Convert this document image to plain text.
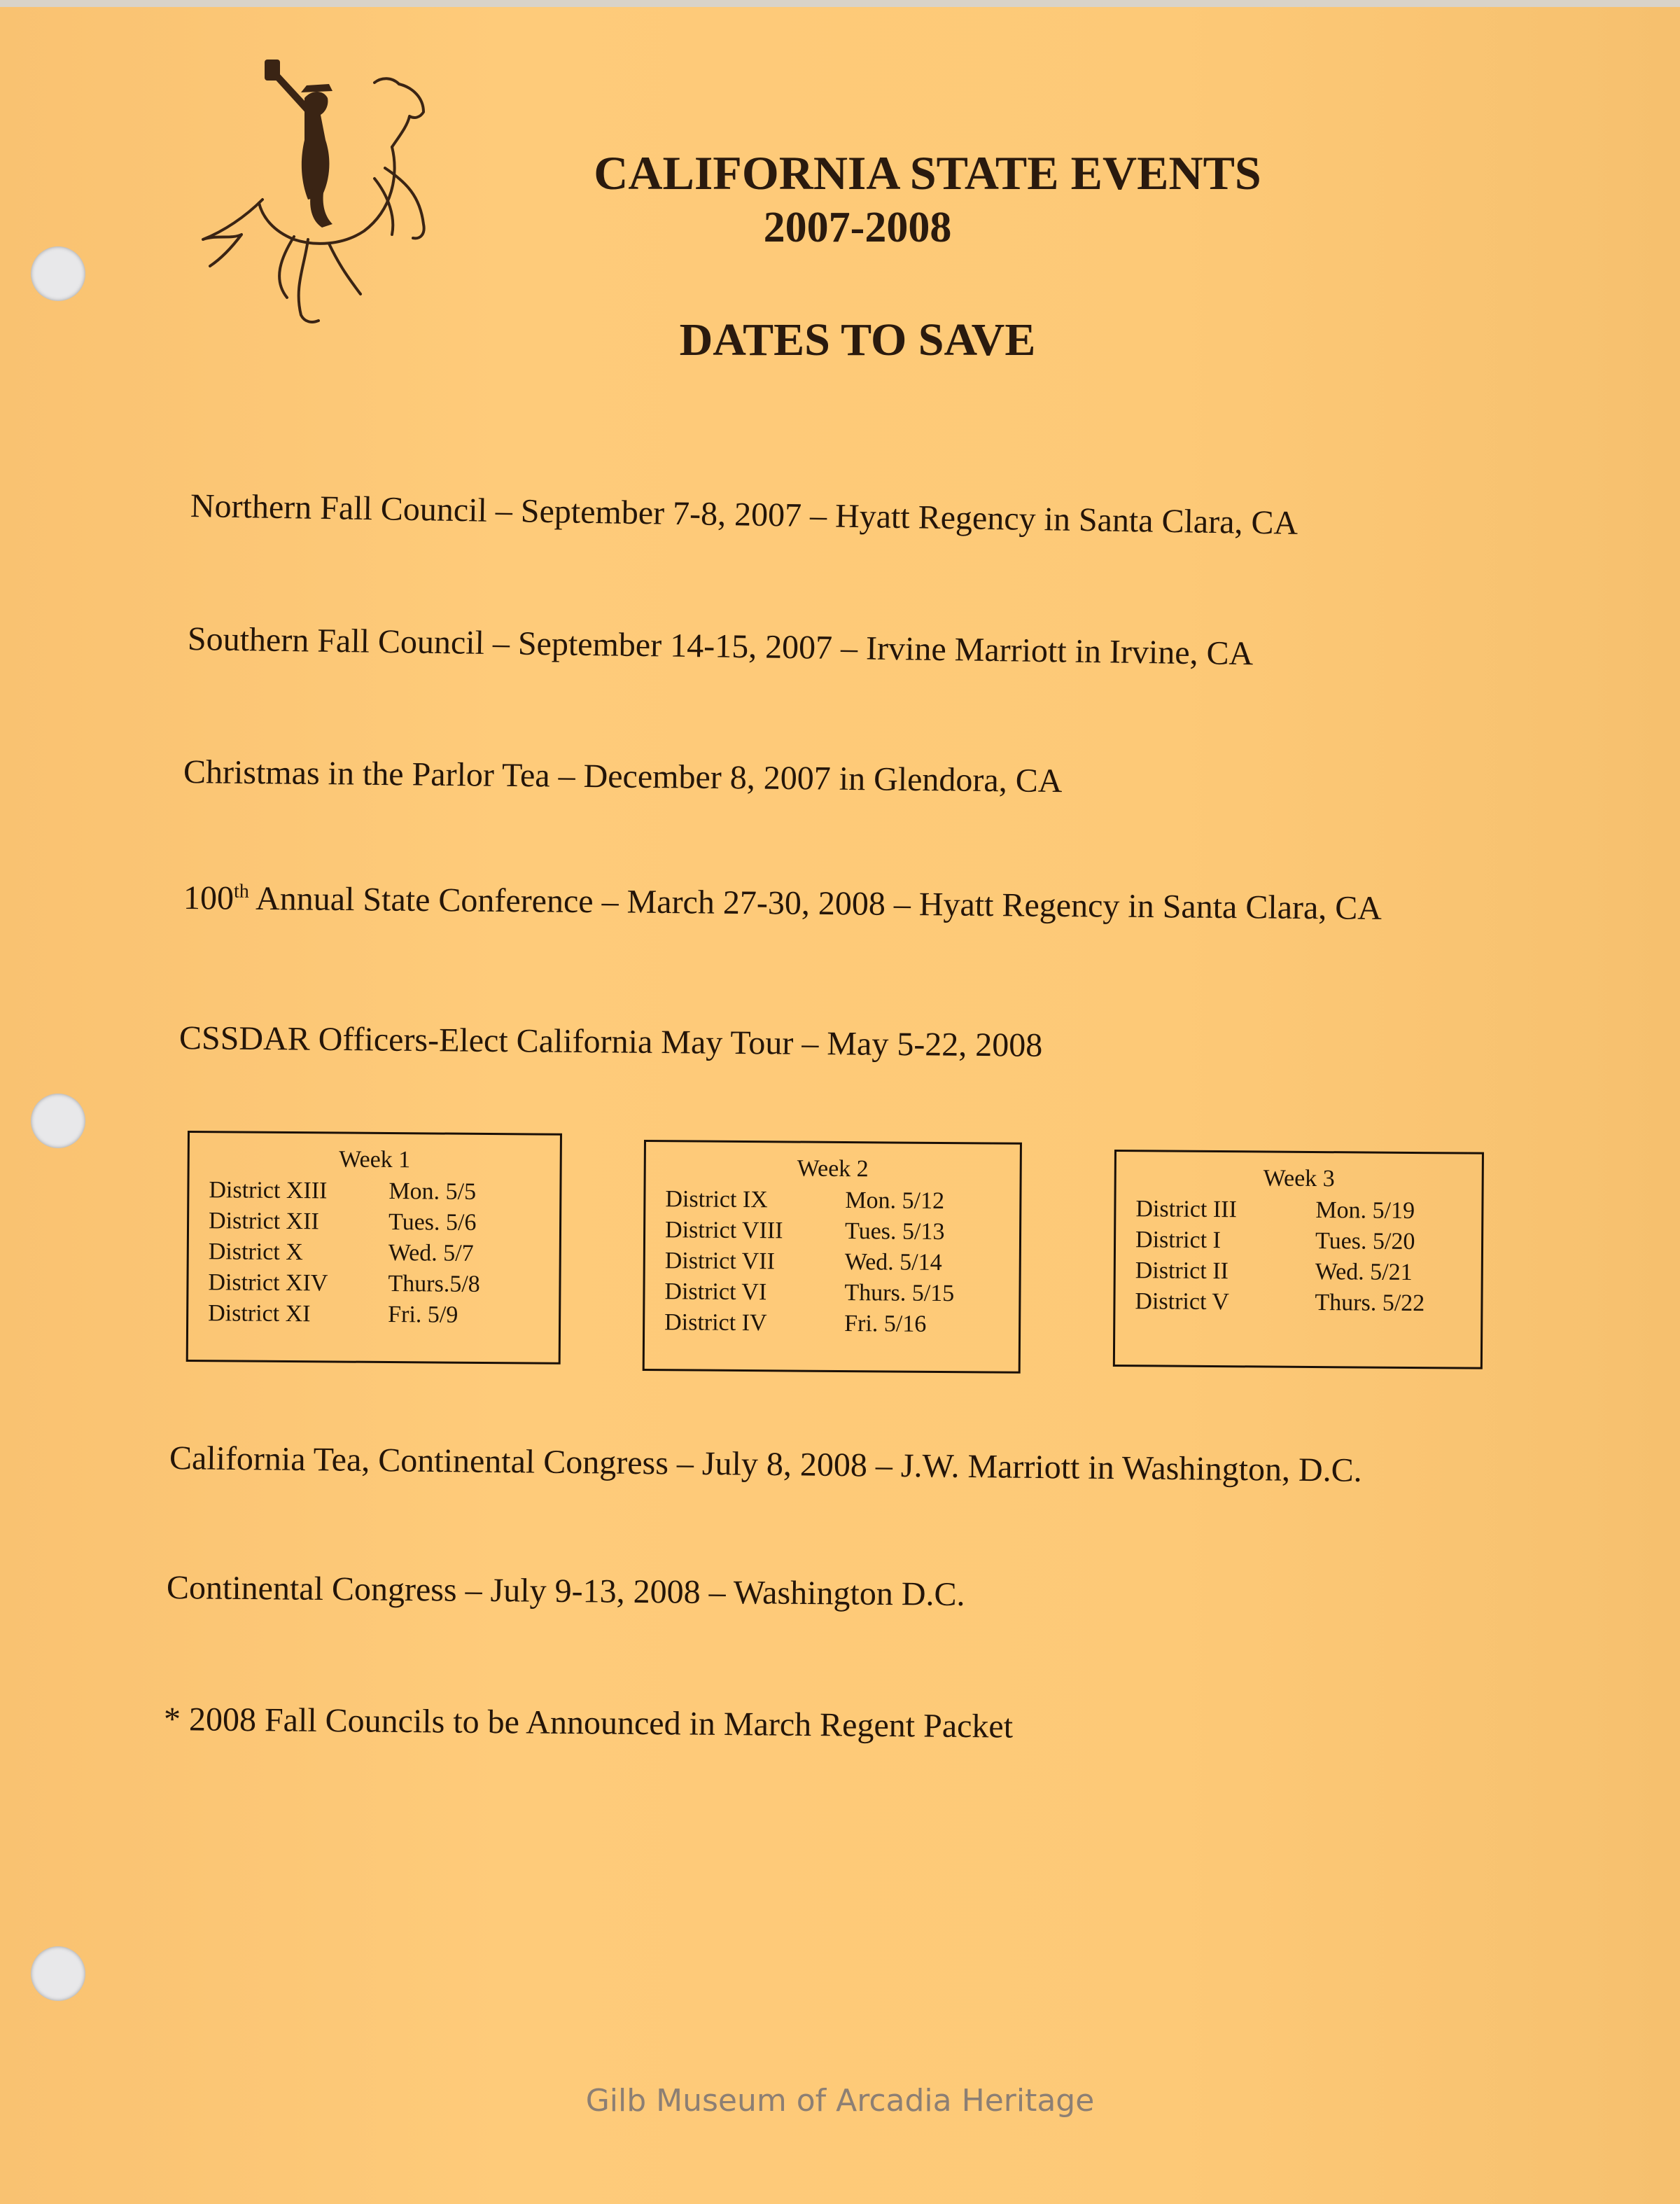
CALIFORNIA STATE EVENTS
2007-2008
DATES TO SAVE
Northern Fall Council – September 7-8, 2007 – Hyatt Regency in Santa Clara, CA
Southern Fall Council – September 14-15, 2007 – Irvine Marriott in Irvine, CA
Christmas in the Parlor Tea – December 8, 2007 in Glendora, CA
100th Annual State Conference – March 27-30, 2008 – Hyatt Regency in Santa Clara, CA
CSSDAR Officers-Elect California May Tour – May 5-22, 2008
Week 1
District XIII	Mon. 5/5
District XII	Tues. 5/6
District X	Wed. 5/7
District XIV	Thurs.5/8
District XI	Fri. 5/9
Week 2
District IX	Mon. 5/12
District VIII	Tues. 5/13
District VII	Wed. 5/14
District VI	Thurs. 5/15
District IV	Fri. 5/16
Week 3
District III	Mon. 5/19
District I	Tues. 5/20
District II	Wed. 5/21
District V	Thurs. 5/22
California Tea, Continental Congress – July 8, 2008 – J.W. Marriott in Washington, D.C.
Continental Congress – July 9-13, 2008 – Washington D.C.
* 2008 Fall Councils to be Announced in March Regent Packet
Gilb Museum of Arcadia Heritage
